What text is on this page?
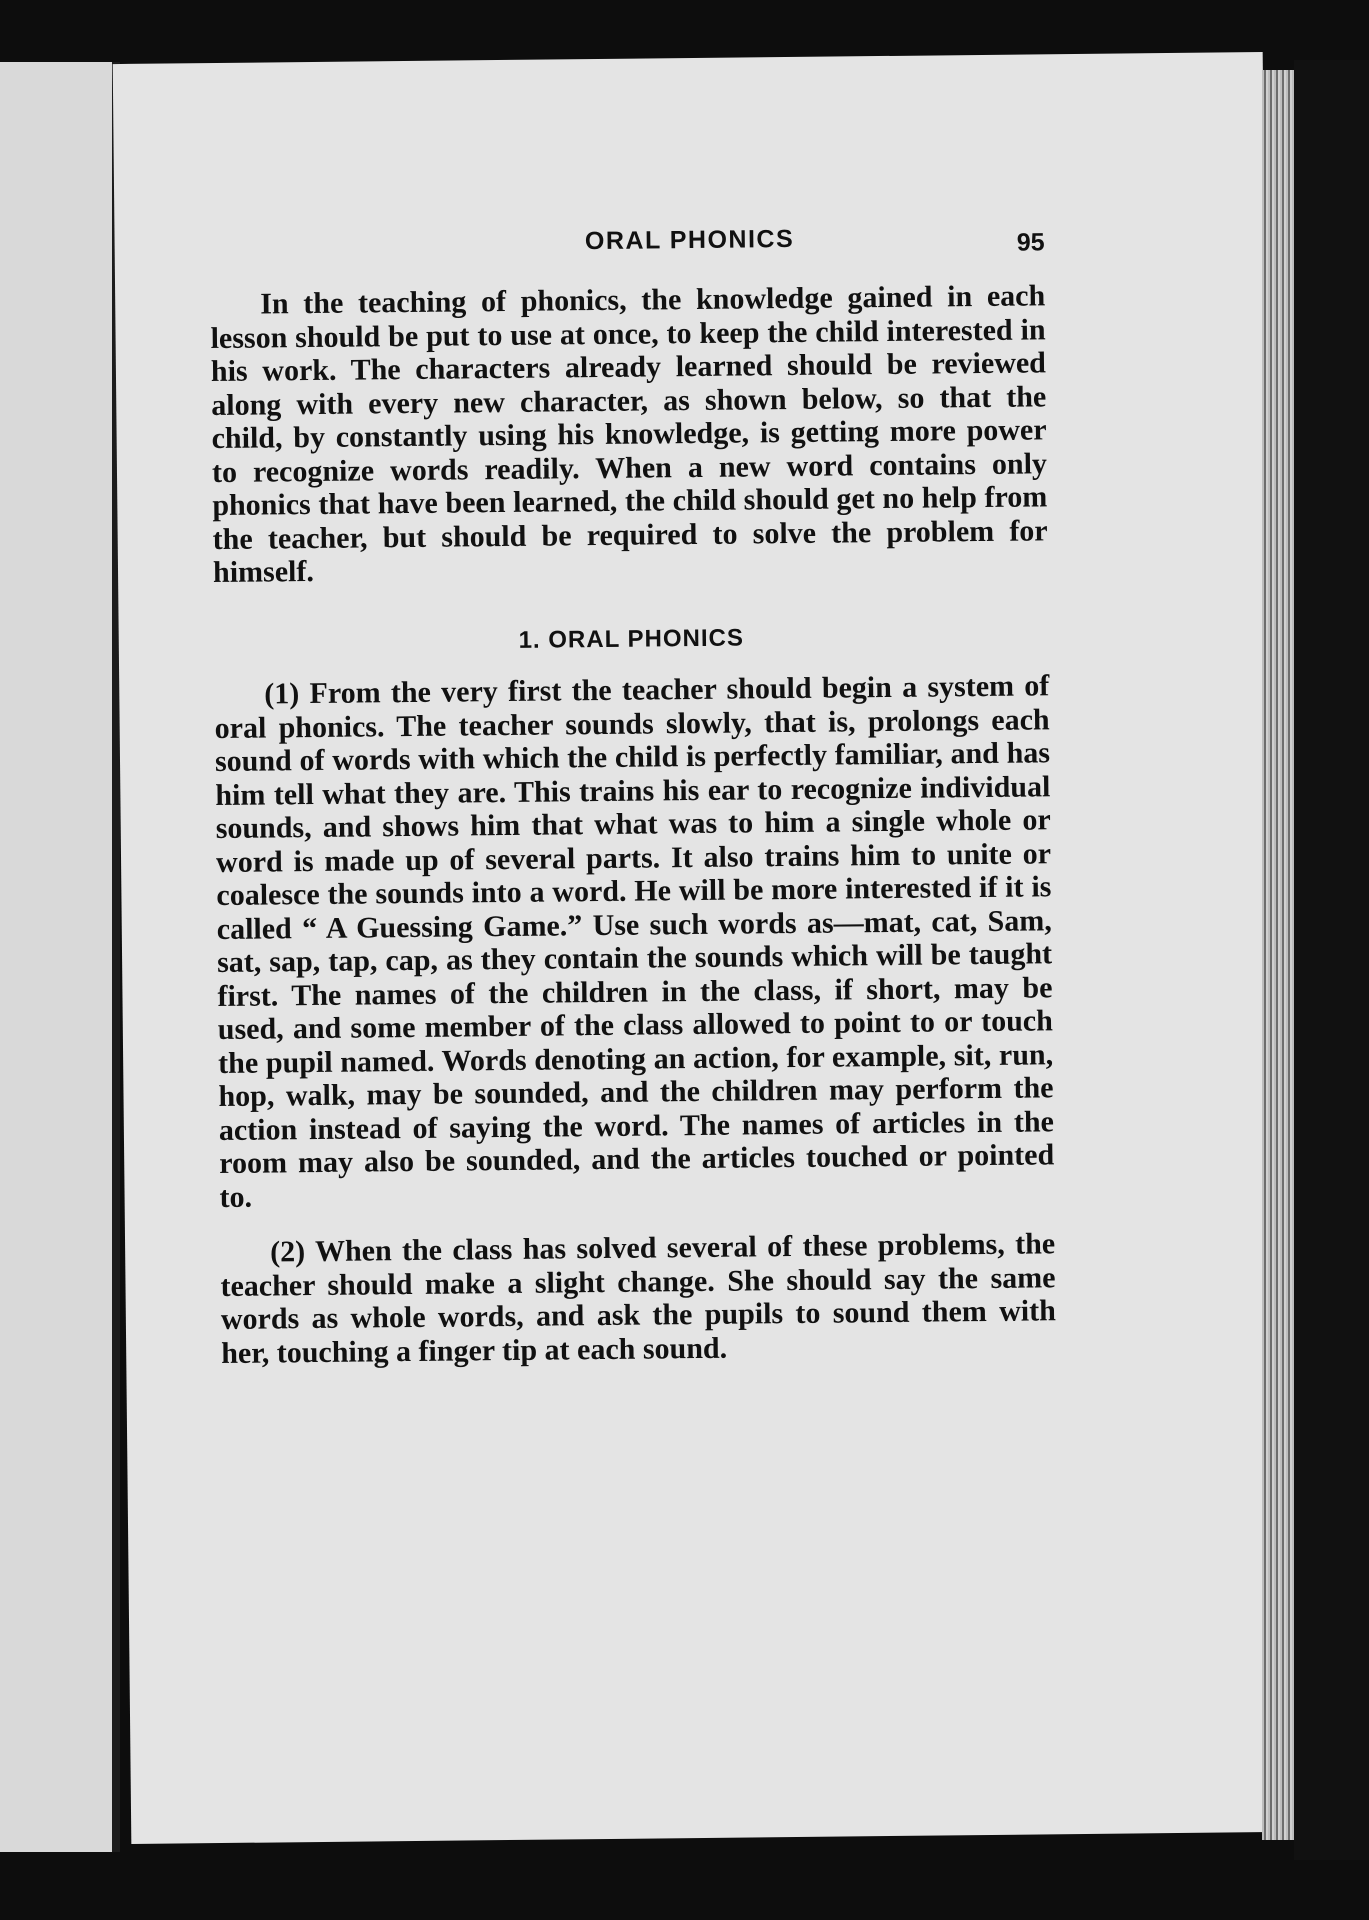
ORAL PHONICS	95

In the teaching of phonics, the knowledge gained in each lesson should be put to use at once, to keep the child interested in his work. The characters already learned should be reviewed along with every new character, as shown below, so that the child, by constantly using his knowledge, is getting more power to recognize words readily. When a new word contains only phonics that have been learned, the child should get no help from the teacher, but should be required to solve the problem for himself.

1. ORAL PHONICS

(1) From the very first the teacher should begin a system of oral phonics. The teacher sounds slowly, that is, prolongs each sound of words with which the child is perfectly familiar, and has him tell what they are. This trains his ear to recognize individual sounds, and shows him that what was to him a single whole or word is made up of several parts. It also trains him to unite or coalesce the sounds into a word. He will be more interested if it is called “ A Guessing Game.” Use such words as—mat, cat, Sam, sat, sap, tap, cap, as they contain the sounds which will be taught first. The names of the children in the class, if short, may be used, and some member of the class allowed to point to or touch the pupil named. Words denoting an action, for example, sit, run, hop, walk, may be sounded, and the children may perform the action instead of saying the word. The names of articles in the room may also be sounded, and the articles touched or pointed to.

(2) When the class has solved several of these problems, the teacher should make a slight change. She should say the same words as whole words, and ask the pupils to sound them with her, touching a finger tip at each sound.
